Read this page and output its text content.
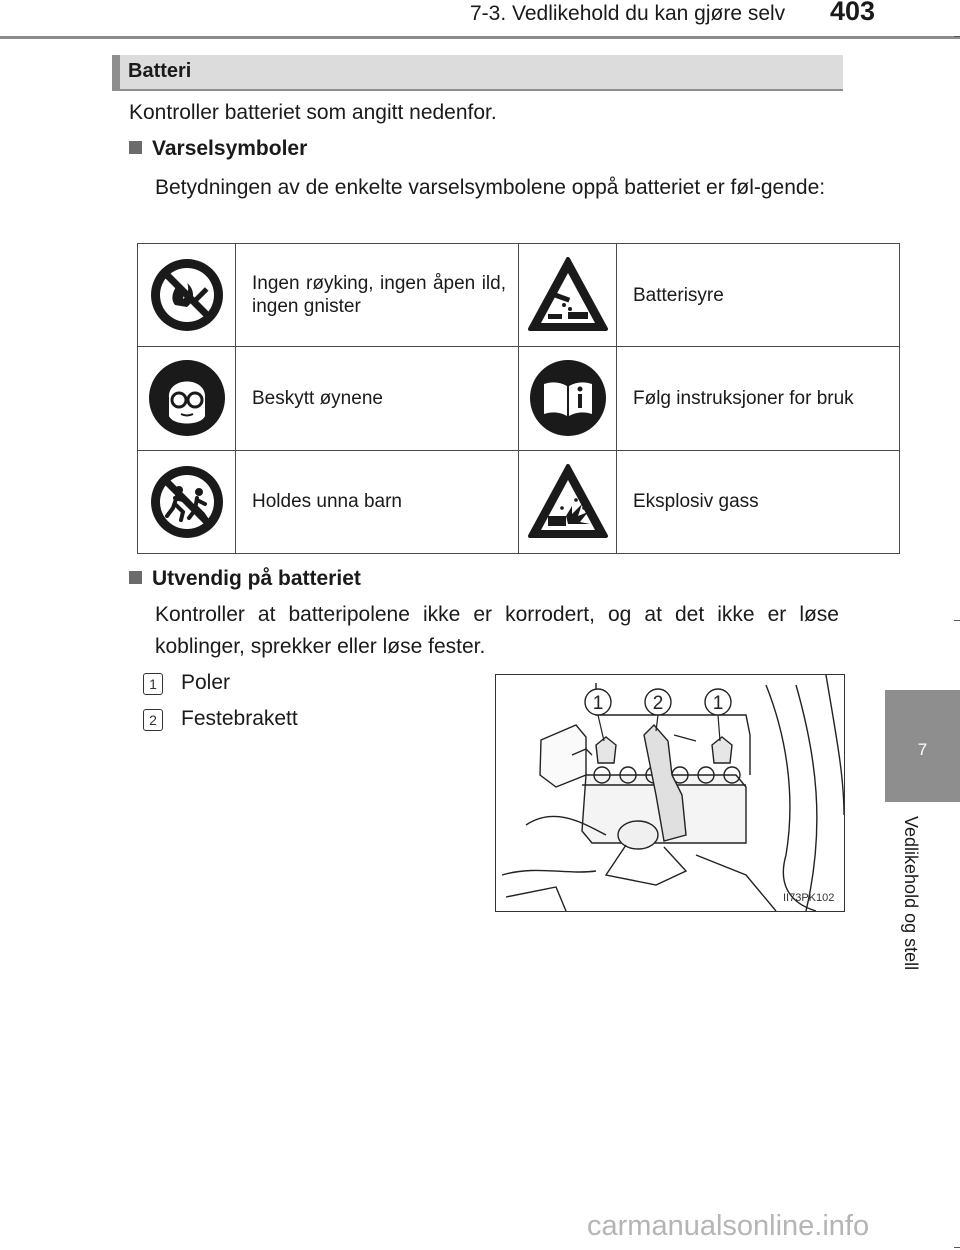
7-3. Vedlikehold du kan gjøre selv 403
7
Vedlikehold og stell
Batteri
Kontroller batteriet som angitt nedenfor.
Varselsymboler
Betydningen av de enkelte varselsymbolene oppå batteriet er føl-gende:

Ingen røyking, ingen åpen ild, ingen gnister		Batterisyre

Beskytt øynene		Følg instruksjoner for bruk

Holdes unna barn		Eksplosiv gass
Utvendig på batteriet
Kontroller at batteripolene ikke er korrodert, og at det ikke er løse koblinger, sprekker eller løse fester.
1 Poler
2 Festebrakett
1	2	1
II73PK102
carmanualsonline.info
